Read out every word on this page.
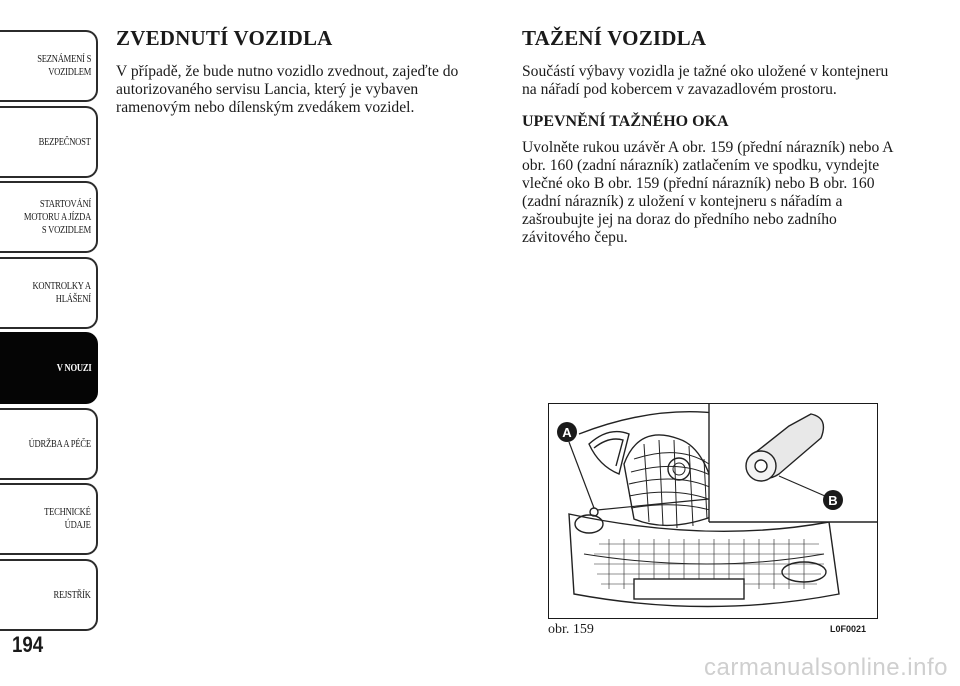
SEZNÁMENÍ S
VOZIDLEM
BEZPEČNOST
STARTOVÁNÍ
MOTORU A JÍZDA
S VOZIDLEM
KONTROLKY A
HLÁŠENÍ
V NOUZI
ÚDRŽBA A PÉČE
TECHNICKÉ
ÚDAJE
REJSTŘÍK
194
ZVEDNUTÍ VOZIDLA

V případě, že bude nutno vozidlo zvednout, zajeďte do autorizovaného servisu Lancia, který je vybaven ramenovým nebo dílenským zvedákem vozidel.

TAŽENÍ VOZIDLA

Součástí výbavy vozidla je tažné oko uložené v kontejneru na nářadí pod kobercem v zavazadlovém prostoru.

UPEVNĚNÍ TAŽNÉHO OKA

Uvolněte rukou uzávěr A obr. 159 (přední nárazník) nebo A obr. 160 (zadní nárazník) zatlačením ve spodku, vyndejte vlečné oko B obr. 159 (přední nárazník) nebo B obr. 160 (zadní nárazník) z uložení v kontejneru s nářadím a zašroubujte jej na doraz do předního nebo zadního závitového čepu.

A
B
obr. 159	L0F0021
carmanualsonline.info
